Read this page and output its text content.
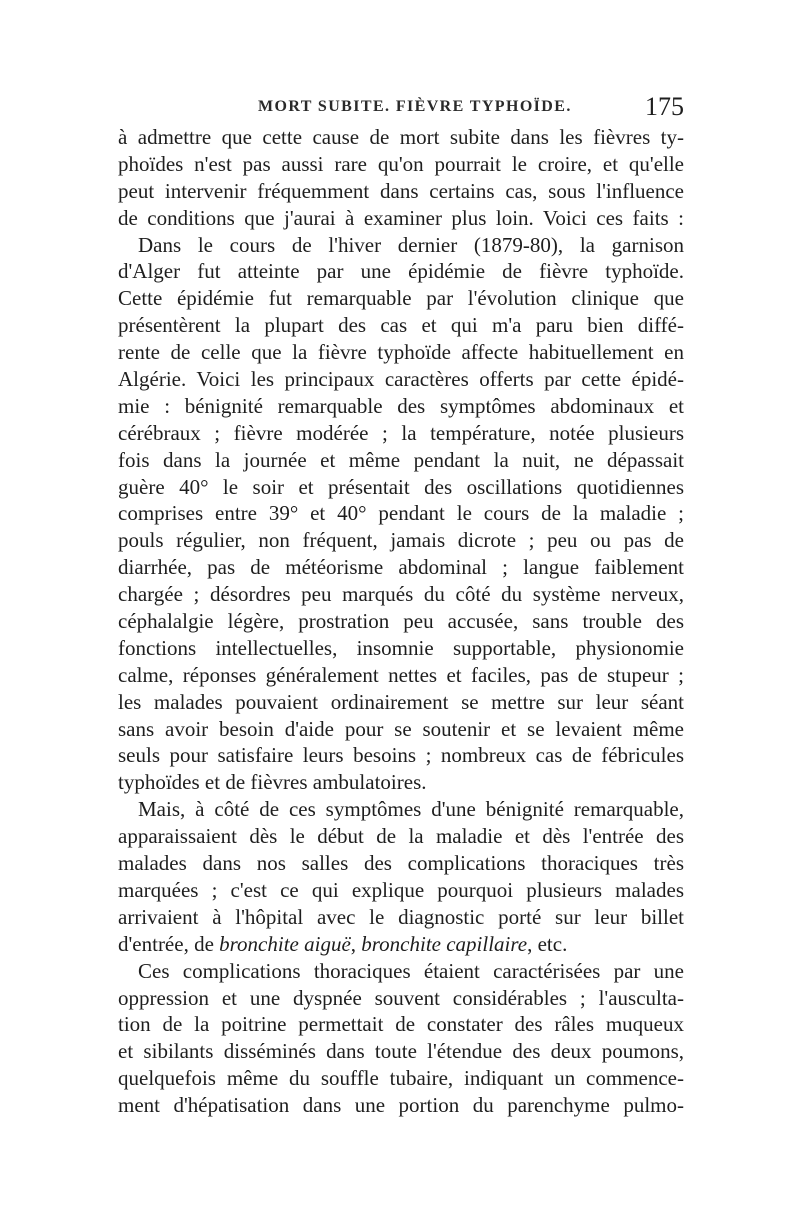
MORT SUBITE. FIÈVRE TYPHOÏDE.	175
à admettre que cette cause de mort subite dans les fièvres ty-
phoïdes n'est pas aussi rare qu'on pourrait le croire, et qu'elle
peut intervenir fréquemment dans certains cas, sous l'influence
de conditions que j'aurai à examiner plus loin. Voici ces faits :
Dans le cours de l'hiver dernier (1879-80), la garnison
d'Alger fut atteinte par une épidémie de fièvre typhoïde.
Cette épidémie fut remarquable par l'évolution clinique que
présentèrent la plupart des cas et qui m'a paru bien diffé-
rente de celle que la fièvre typhoïde affecte habituellement en
Algérie. Voici les principaux caractères offerts par cette épidé-
mie : bénignité remarquable des symptômes abdominaux et
cérébraux ; fièvre modérée ; la température, notée plusieurs
fois dans la journée et même pendant la nuit, ne dépassait
guère 40° le soir et présentait des oscillations quotidiennes
comprises entre 39° et 40° pendant le cours de la maladie ;
pouls régulier, non fréquent, jamais dicrote ; peu ou pas de
diarrhée, pas de météorisme abdominal ; langue faiblement
chargée ; désordres peu marqués du côté du système nerveux,
céphalalgie légère, prostration peu accusée, sans trouble des
fonctions intellectuelles, insomnie supportable, physionomie
calme, réponses généralement nettes et faciles, pas de stupeur ;
les malades pouvaient ordinairement se mettre sur leur séant
sans avoir besoin d'aide pour se soutenir et se levaient même
seuls pour satisfaire leurs besoins ; nombreux cas de fébricules
typhoïdes et de fièvres ambulatoires.
Mais, à côté de ces symptômes d'une bénignité remarquable,
apparaissaient dès le début de la maladie et dès l'entrée des
malades dans nos salles des complications thoraciques très
marquées ; c'est ce qui explique pourquoi plusieurs malades
arrivaient à l'hôpital avec le diagnostic porté sur leur billet
d'entrée, de bronchite aiguë, bronchite capillaire, etc.
Ces complications thoraciques étaient caractérisées par une
oppression et une dyspnée souvent considérables ; l'ausculta-
tion de la poitrine permettait de constater des râles muqueux
et sibilants disséminés dans toute l'étendue des deux poumons,
quelquefois même du souffle tubaire, indiquant un commence-
ment d'hépatisation dans une portion du parenchyme pulmo-
